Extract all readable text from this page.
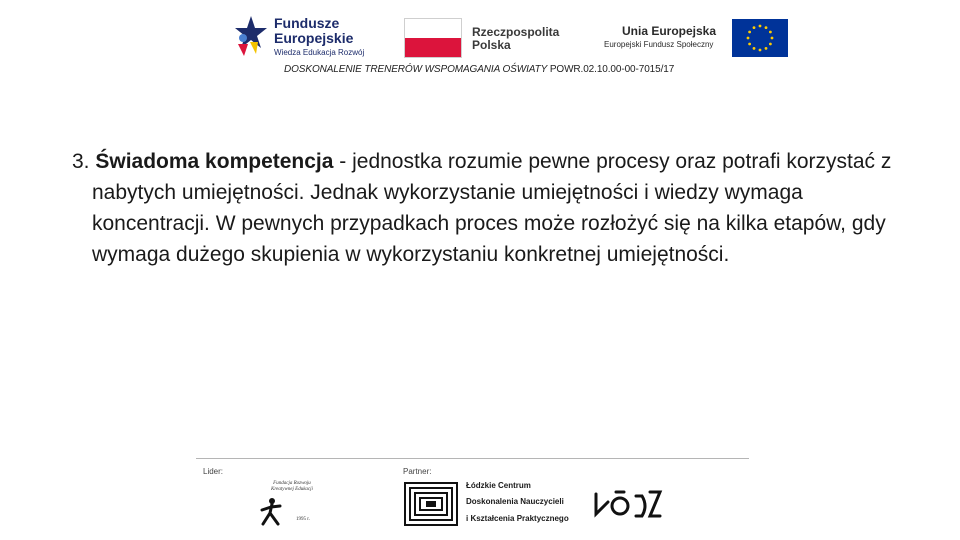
Fundusze
Europejskie
Wiedza Edukacja Rozwój
Rzeczpospolita
Polska
Unia Europejska
Europejski Fundusz Społeczny
DOSKONALENIE TRENERÓW WSPOMAGANIA OŚWIATY POWR.02.10.00-00-7015/17

3. Świadoma kompetencja - jednostka rozumie pewne procesy oraz potrafi korzystać z nabytych umiejętności. Jednak wykorzystanie umiejętności i wiedzy wymaga koncentracji. W pewnych przypadkach proces może rozłożyć się na kilka etapów, gdy wymaga dużego skupienia w wykorzystaniu konkretnej umiejętności.

Lider:	Partner:
Fundacja Rozwoju Kreatywnej Edukacji
1995 r.
Łódzkie Centrum
Doskonalenia Nauczycieli
i Kształcenia Praktycznego
